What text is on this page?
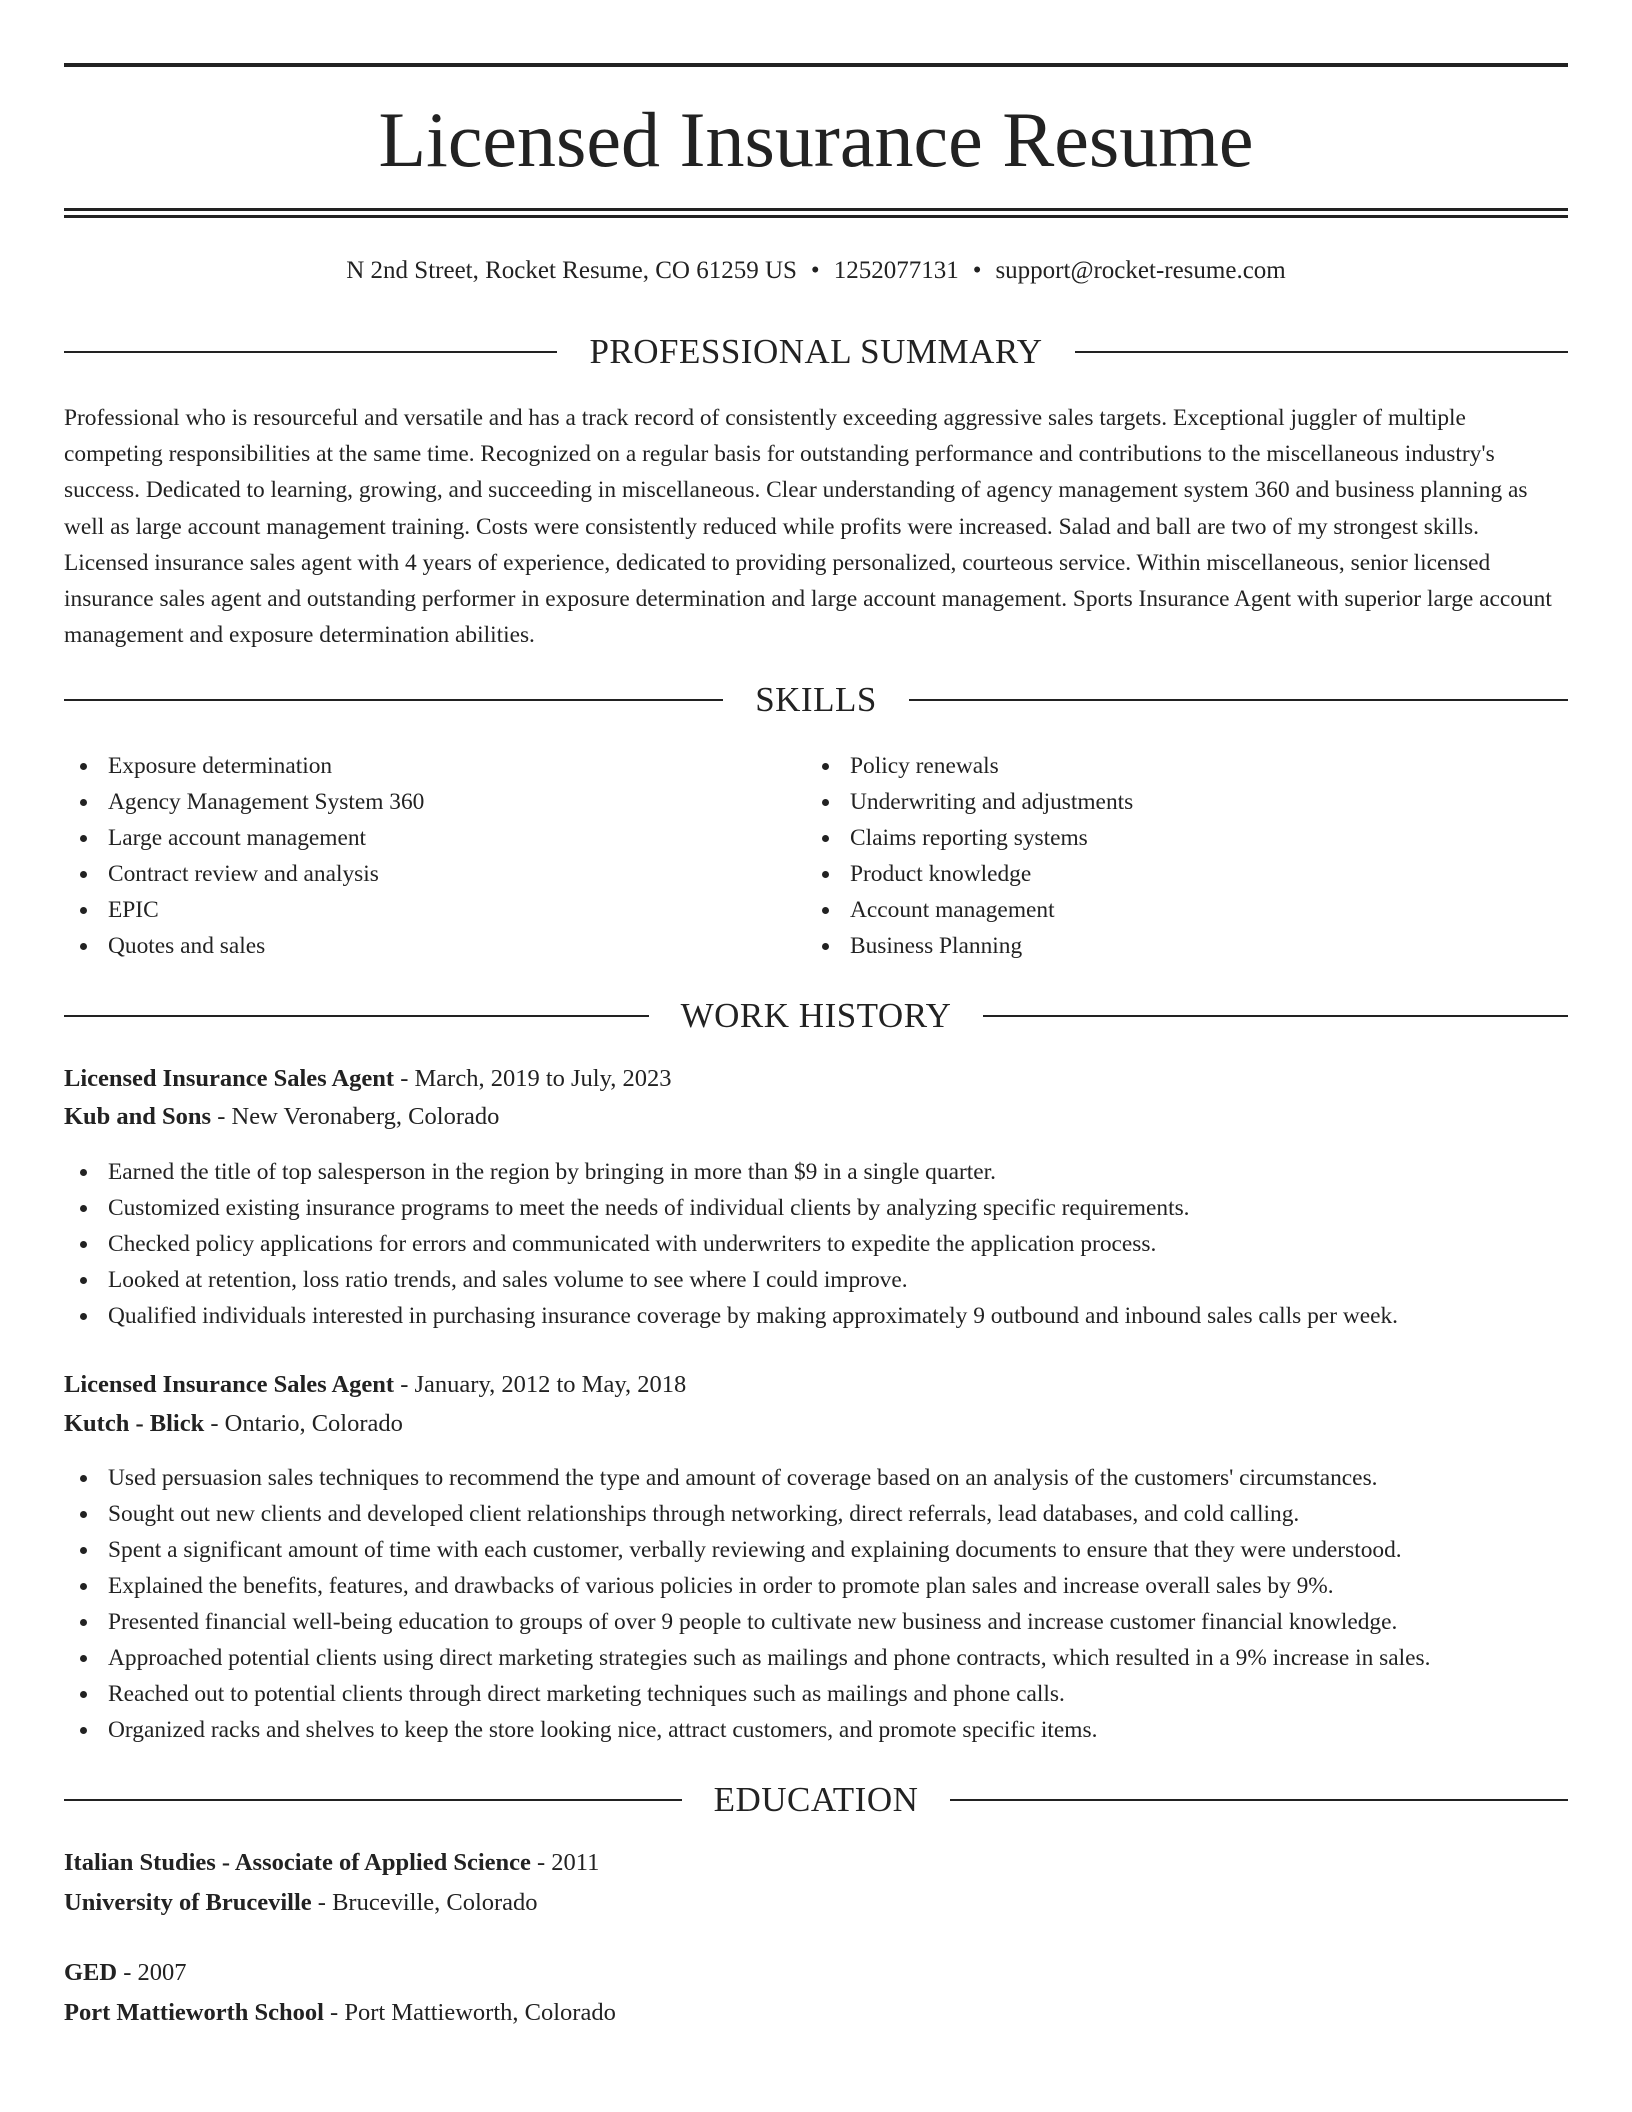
Licensed Insurance Resume
N 2nd Street, Rocket Resume, CO 61259 US • 1252077131 • support@rocket-resume.com
PROFESSIONAL SUMMARY

Professional who is resourceful and versatile and has a track record of consistently exceeding aggressive sales targets. Exceptional juggler of multiple competing responsibilities at the same time. Recognized on a regular basis for outstanding performance and contributions to the miscellaneous industry's success. Dedicated to learning, growing, and succeeding in miscellaneous. Clear understanding of agency management system 360 and business planning as well as large account management training. Costs were consistently reduced while profits were increased. Salad and ball are two of my strongest skills. Licensed insurance sales agent with 4 years of experience, dedicated to providing personalized, courteous service. Within miscellaneous, senior licensed insurance sales agent and outstanding performer in exposure determination and large account management. Sports Insurance Agent with superior large account management and exposure determination abilities.

SKILLS
Exposure determination
Agency Management System 360
Large account management
Contract review and analysis
EPIC
Quotes and sales
Policy renewals
Underwriting and adjustments
Claims reporting systems
Product knowledge
Account management
Business Planning
WORK HISTORY
Licensed Insurance Sales Agent - March, 2019 to July, 2023
Kub and Sons - New Veronaberg, Colorado
Earned the title of top salesperson in the region by bringing in more than $9 in a single quarter.
Customized existing insurance programs to meet the needs of individual clients by analyzing specific requirements.
Checked policy applications for errors and communicated with underwriters to expedite the application process.
Looked at retention, loss ratio trends, and sales volume to see where I could improve.
Qualified individuals interested in purchasing insurance coverage by making approximately 9 outbound and inbound sales calls per week.
Licensed Insurance Sales Agent - January, 2012 to May, 2018
Kutch - Blick - Ontario, Colorado
Used persuasion sales techniques to recommend the type and amount of coverage based on an analysis of the customers' circumstances.
Sought out new clients and developed client relationships through networking, direct referrals, lead databases, and cold calling.
Spent a significant amount of time with each customer, verbally reviewing and explaining documents to ensure that they were understood.
Explained the benefits, features, and drawbacks of various policies in order to promote plan sales and increase overall sales by 9%.
Presented financial well-being education to groups of over 9 people to cultivate new business and increase customer financial knowledge.
Approached potential clients using direct marketing strategies such as mailings and phone contracts, which resulted in a 9% increase in sales.
Reached out to potential clients through direct marketing techniques such as mailings and phone calls.
Organized racks and shelves to keep the store looking nice, attract customers, and promote specific items.
EDUCATION
Italian Studies - Associate of Applied Science - 2011
University of Bruceville - Bruceville, Colorado
GED - 2007
Port Mattieworth School - Port Mattieworth, Colorado
